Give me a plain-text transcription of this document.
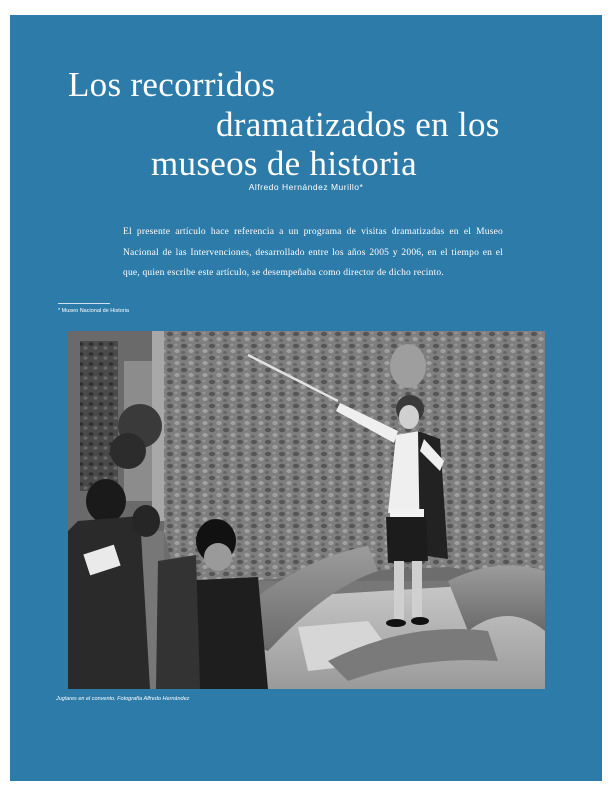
Los recorridos
dramatizados en los
museos de historia
Alfredo Hernández Murillo*
El presente artículo hace referencia a un programa de visitas dramatizadas en el Museo Nacional de las Intervenciones, desarrollado entre los años 2005 y 2006, en el tiempo en el que, quien escribe este artículo, se desempeñaba como director de dicho recinto.
* Museo Nacional de Historia
Juglares en el convento. Fotografía Alfredo Hernández
